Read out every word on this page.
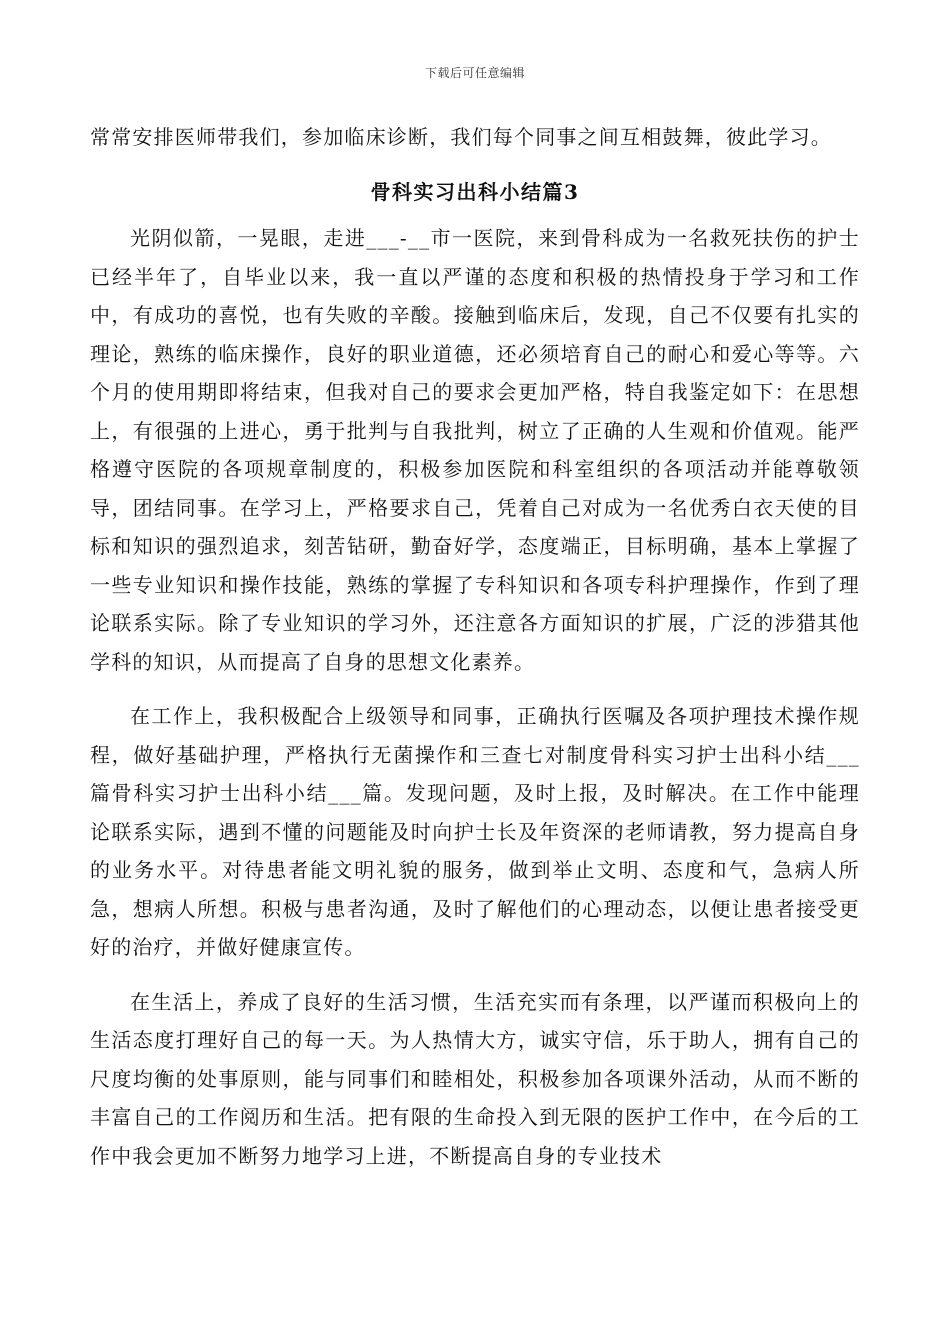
下载后可任意编辑

常常安排医师带我们，参加临床诊断，我们每个同事之间互相鼓舞，彼此学习。

骨科实习出科小结篇3

光阴似箭，一晃眼，走进___-__市一医院，来到骨科成为一名救死扶伤的护士已经半年了，自毕业以来，我一直以严谨的态度和积极的热情投身于学习和工作中，有成功的喜悦，也有失败的辛酸。接触到临床后，发现，自己不仅要有扎实的理论，熟练的临床操作，良好的职业道德，还必须培育自己的耐心和爱心等等。六个月的使用期即将结束，但我对自己的要求会更加严格，特自我鉴定如下：在思想上，有很强的上进心，勇于批判与自我批判，树立了正确的人生观和价值观。能严格遵守医院的各项规章制度的，积极参加医院和科室组织的各项活动并能尊敬领导，团结同事。在学习上，严格要求自己，凭着自己对成为一名优秀白衣天使的目标和知识的强烈追求，刻苦钻研，勤奋好学，态度端正，目标明确，基本上掌握了一些专业知识和操作技能，熟练的掌握了专科知识和各项专科护理操作，作到了理论联系实际。除了专业知识的学习外，还注意各方面知识的扩展，广泛的涉猎其他学科的知识，从而提高了自身的思想文化素养。

在工作上，我积极配合上级领导和同事，正确执行医嘱及各项护理技术操作规程，做好基础护理，严格执行无菌操作和三查七对制度骨科实习护士出科小结___篇骨科实习护士出科小结___篇。发现问题，及时上报，及时解决。在工作中能理论联系实际，遇到不懂的问题能及时向护士长及年资深的老师请教，努力提高自身的业务水平。对待患者能文明礼貌的服务，做到举止文明、态度和气，急病人所急，想病人所想。积极与患者沟通，及时了解他们的心理动态，以便让患者接受更好的治疗，并做好健康宣传。

在生活上，养成了良好的生活习惯，生活充实而有条理，以严谨而积极向上的生活态度打理好自己的每一天。为人热情大方，诚实守信，乐于助人，拥有自己的尺度均衡的处事原则，能与同事们和睦相处，积极参加各项课外活动，从而不断的丰富自己的工作阅历和生活。把有限的生命投入到无限的医护工作中，在今后的工作中我会更加不断努力地学习上进，不断提高自身的专业技术
